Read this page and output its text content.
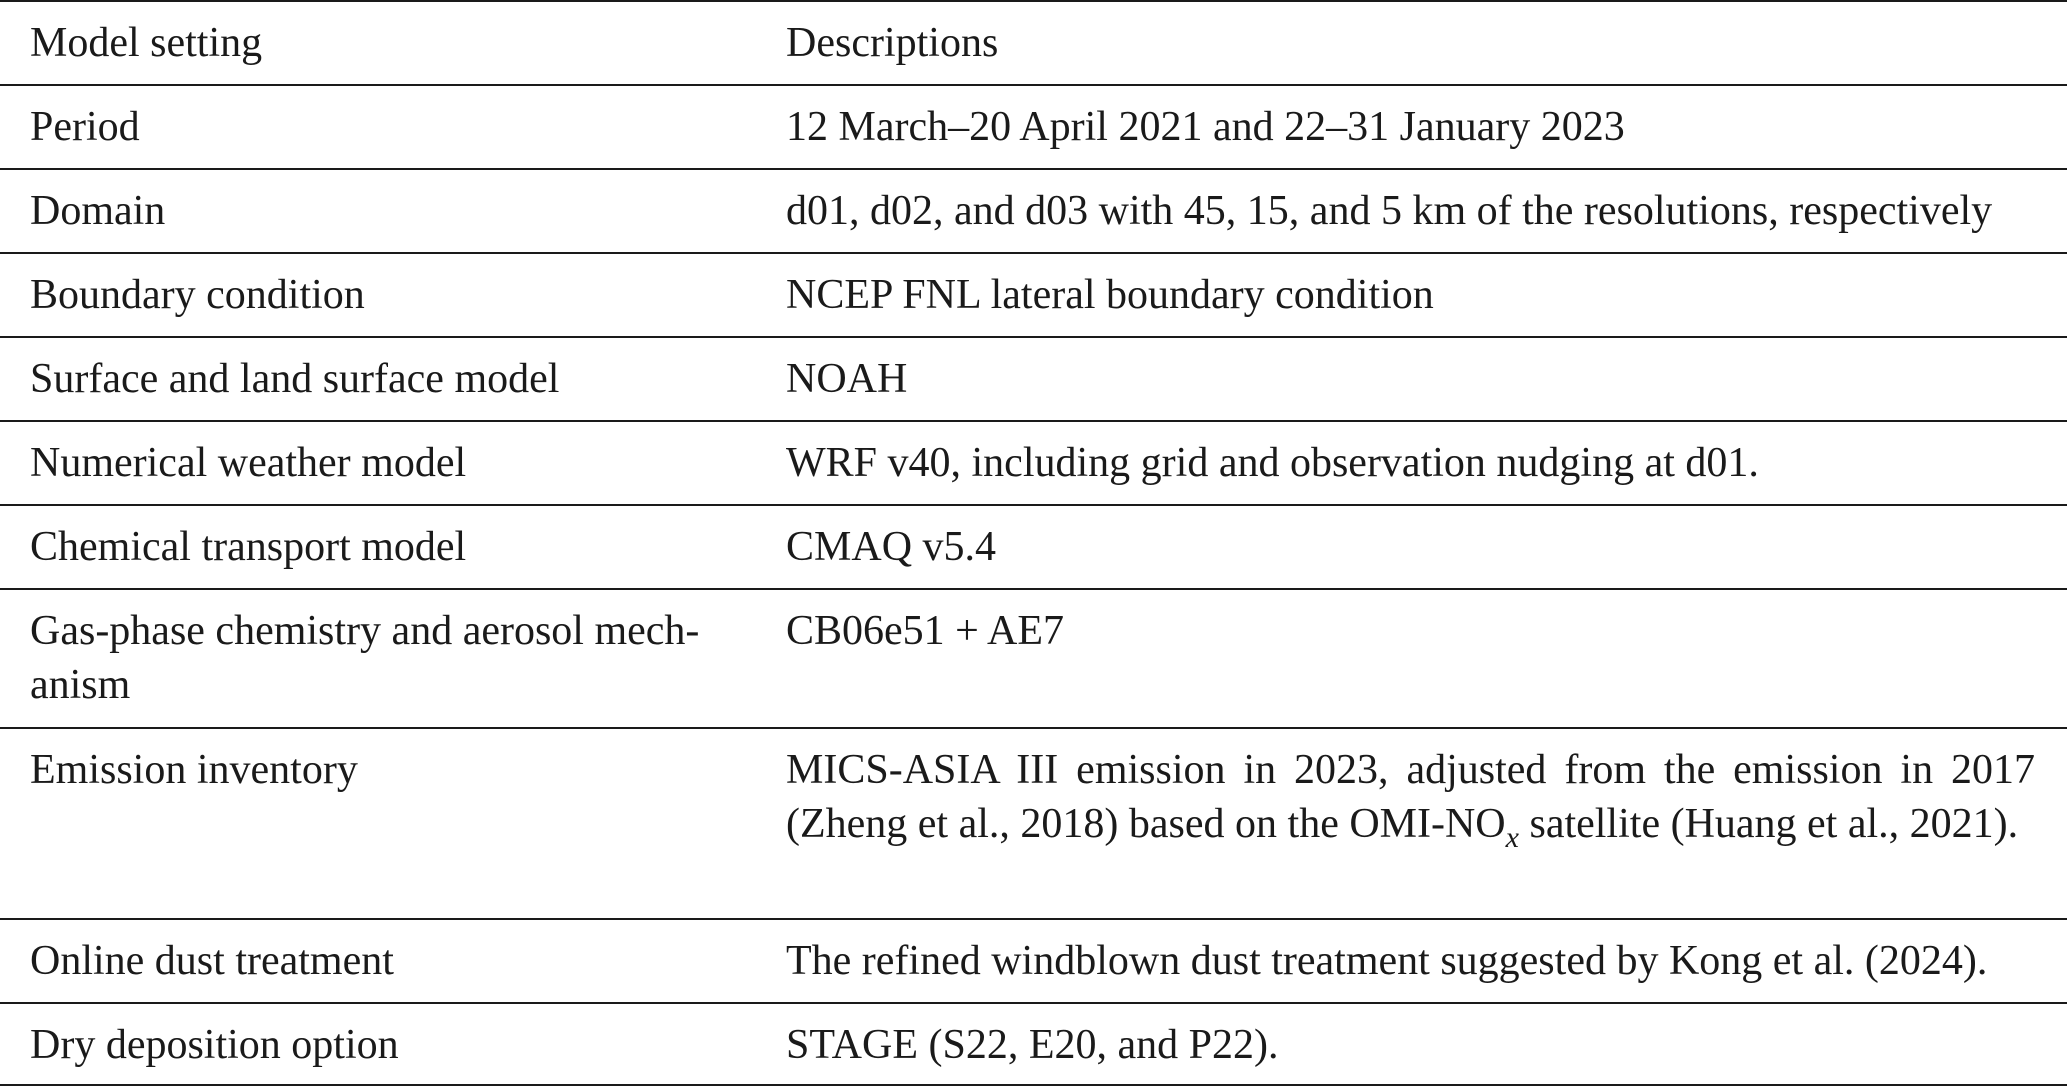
Model setting	Descriptions
Period	12 March–20 April 2021 and 22–31 January 2023
Domain	d01, d02, and d03 with 45, 15, and 5 km of the resolutions, respectively
Boundary condition	NCEP FNL lateral boundary condition
Surface and land surface model	NOAH
Numerical weather model	WRF v40, including grid and observation nudging at d01.
Chemical transport model	CMAQ v5.4
Gas-phase chemistry and aerosol mech-
anism	CB06e51 + AE7
Emission inventory	MICS-ASIA III emission in 2023, adjusted from the emission in 2017 (Zheng et al., 2018) based on the OMI-$NO_x$ satellite (Huang et al., 2021).
Online dust treatment	The refined windblown dust treatment suggested by Kong et al. (2024).
Dry deposition option	STAGE (S22, E20, and P22).
